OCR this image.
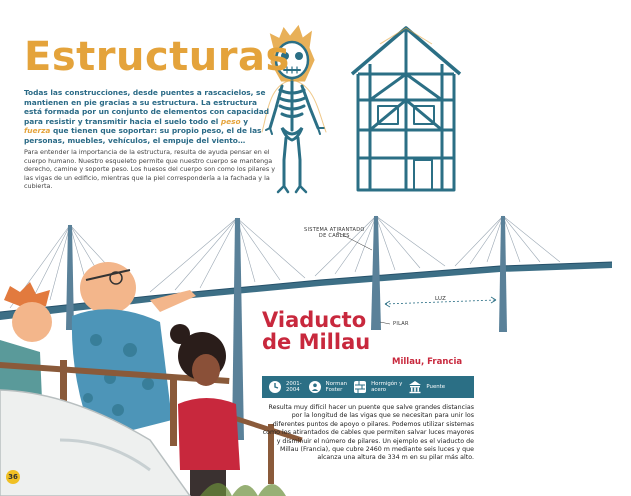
Estructuras
Todas las construcciones, desde puentes a rascacielos, se mantienen en pie gracias a su estructura. La estructura está formada por un conjunto de elementos con capacidad para resistir y transmitir hacia el suelo todo el peso y fuerza que tienen que soportar: su propio peso, el de las personas, muebles, vehículos, el empuje del viento…
Para entender la importancia de la estructura, resulta de ayuda pensar en el cuerpo humano. Nuestro esqueleto permite que nuestro cuerpo se mantenga derecho, camine y soporte peso. Los huesos del cuerpo son como los pilares y las vigas de un edificio, mientras que la piel correspondería a la fachada y la cubierta.
SISTEMA ATIRANTADO
DE CABLES
LUZ
PILAR
Viaducto
de Millau
Millau, Francia
2001-
2004
Norman
Foster
Hormigón y
acero
Puente
Resulta muy difícil hacer un puente que salve grandes distancias por la longitud de las vigas que se necesitan para unir los diferentes puntos de apoyo o pilares. Podemos utilizar sistemas como los atirantados de cables que permiten salvar luces mayores y disminuir el número de pilares. Un ejemplo es el viaducto de Millau (Francia), que cubre 2460 m mediante seis luces y que alcanza una altura de 334 m en su pilar más alto.
36
